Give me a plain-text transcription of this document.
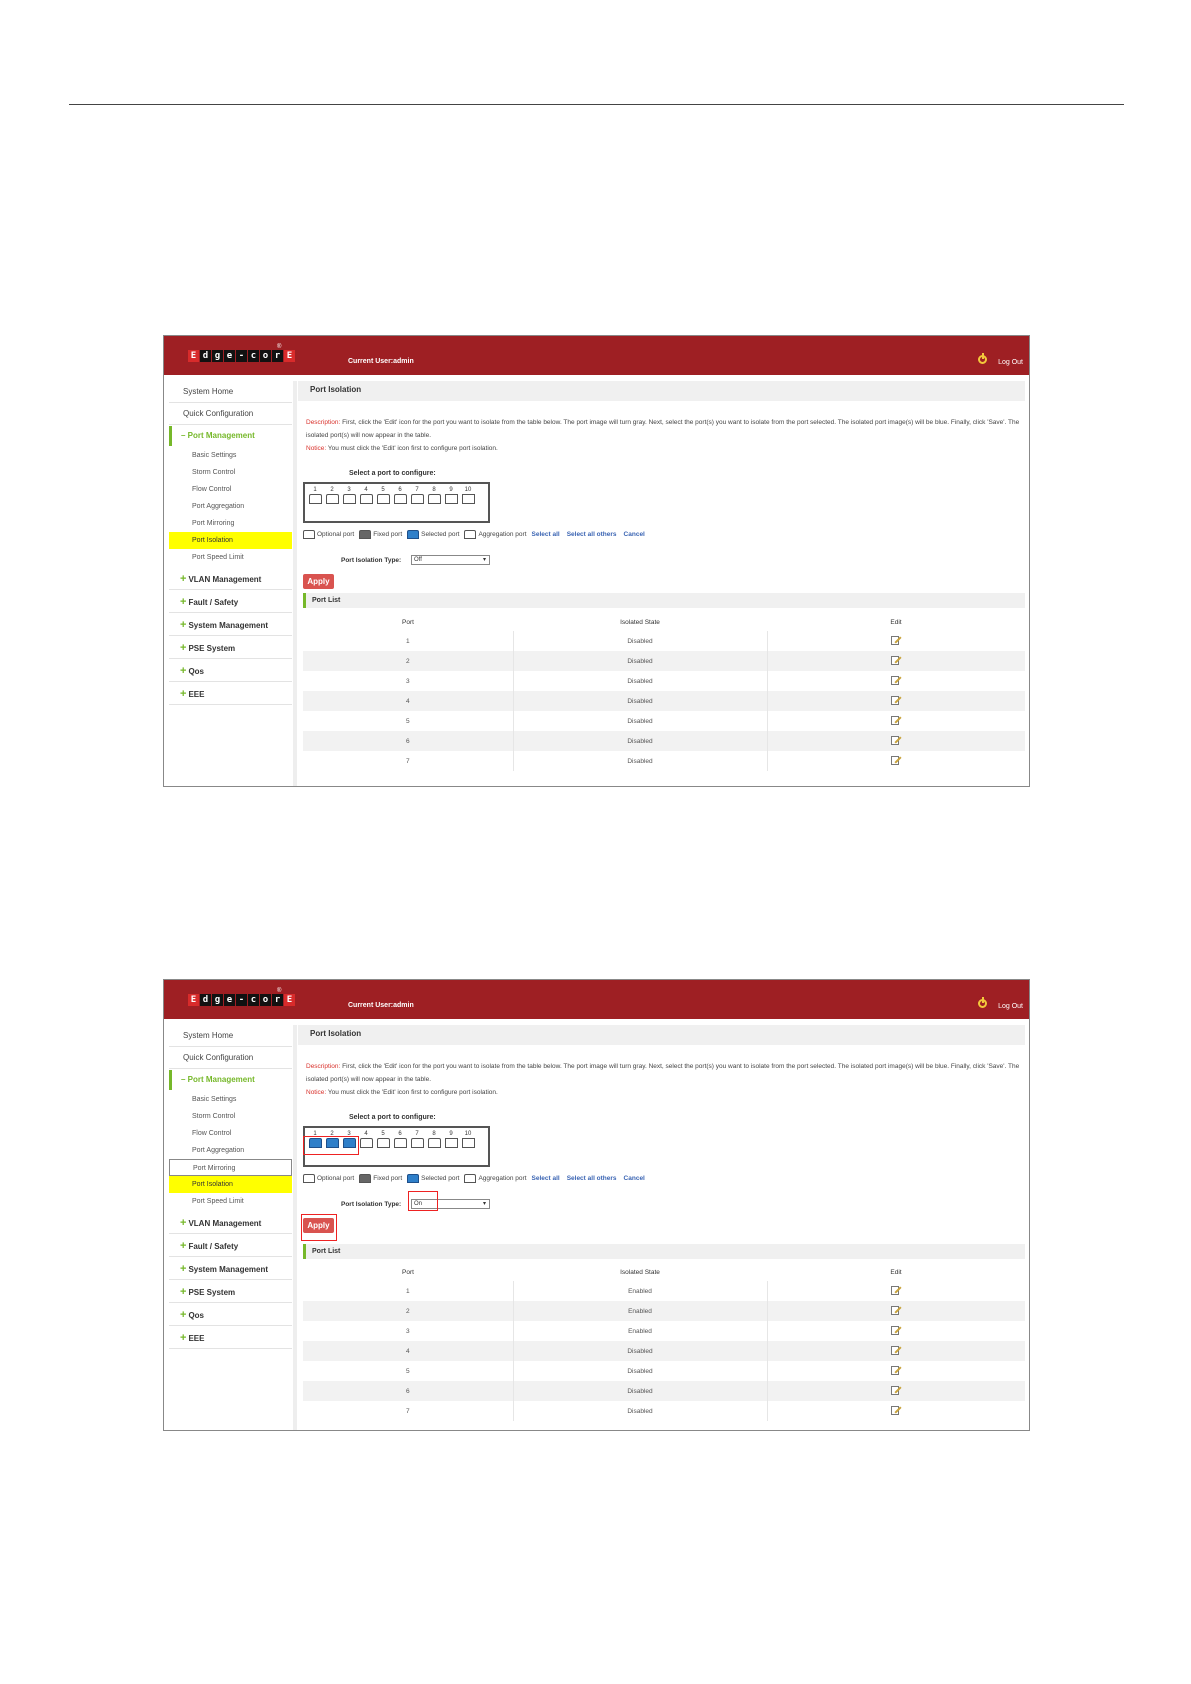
E d g e - c o r E
®
Current User:admin	Log Out
System Home
Quick Configuration
– Port Management
Basic Settings
Storm Control
Flow Control
Port Aggregation
Port Mirroring
Port Isolation
Port Speed Limit
+ VLAN Management
+ Fault / Safety
+ System Management
+ PSE System
+ Qos
+ EEE
Port Isolation
Description: First, click the 'Edit' icon for the port you want to isolate from the table below. The port image will turn gray. Next, select the port(s) you want to isolate from the port selected. The isolated port image(s) will be blue. Finally, click 'Save'. The isolated port(s) will now appear in the table.
Notice: You must click the 'Edit' icon first to configure port isolation.
Select a port to configure:
1	2	3	4	5	6	7	8	9	10
Optional port	Fixed port	Selected port	Aggregation port Select all Select all others Cancel
Port Isolation Type:	Off	▾
Apply
Port List
Port	Isolated State	Edit
1	Disabled	
2	Disabled	
3	Disabled	
4	Disabled	
5	Disabled	
6	Disabled	
7	Disabled	
E d g e - c o r E
®
Current User:admin	Log Out
System Home
Quick Configuration
– Port Management
Basic Settings
Storm Control
Flow Control
Port Aggregation
Port Mirroring
Port Isolation
Port Speed Limit
+ VLAN Management
+ Fault / Safety
+ System Management
+ PSE System
+ Qos
+ EEE
Port Isolation
Description: First, click the 'Edit' icon for the port you want to isolate from the table below. The port image will turn gray. Next, select the port(s) you want to isolate from the port selected. The isolated port image(s) will be blue. Finally, click 'Save'. The isolated port(s) will now appear in the table.
Notice: You must click the 'Edit' icon first to configure port isolation.
Select a port to configure:
1	2	3	4	5	6	7	8	9	10
Optional port	Fixed port	Selected port	Aggregation port Select all Select all others Cancel
Port Isolation Type:	On	▾
Apply
Port List
Port	Isolated State	Edit
1	Enabled	
2	Enabled	
3	Enabled	
4	Disabled	
5	Disabled	
6	Disabled	
7	Disabled	
